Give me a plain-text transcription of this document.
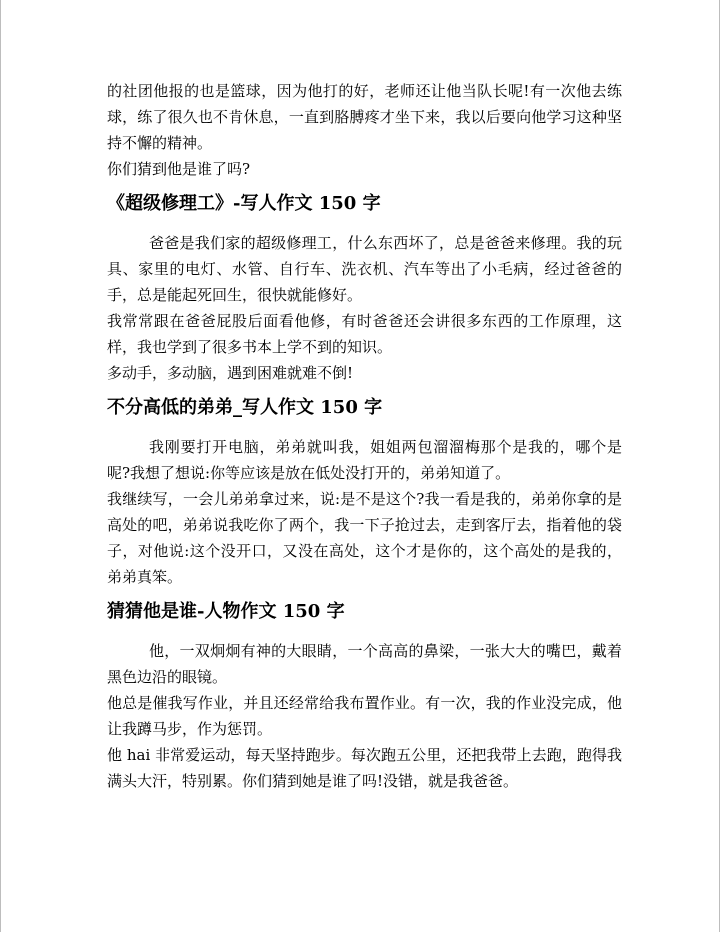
的社团他报的也是篮球，因为他打的好，老师还让他当队长呢!有一次他去练球，练了很久也不肯休息，一直到胳膊疼才坐下来，我以后要向他学习这种坚持不懈的精神。

你们猜到他是谁了吗?

《超级修理工》-写人作文 150 字

爸爸是我们家的超级修理工，什么东西坏了，总是爸爸来修理。我的玩具、家里的电灯、水管、自行车、洗衣机、汽车等出了小毛病，经过爸爸的手，总是能起死回生，很快就能修好。

我常常跟在爸爸屁股后面看他修，有时爸爸还会讲很多东西的工作原理，这样，我也学到了很多书本上学不到的知识。

多动手，多动脑，遇到困难就难不倒!

不分高低的弟弟_写人作文 150 字

我刚要打开电脑，弟弟就叫我，姐姐两包溜溜梅那个是我的，哪个是呢?我想了想说:你等应该是放在低处没打开的，弟弟知道了。

我继续写，一会儿弟弟拿过来，说:是不是这个?我一看是我的，弟弟你拿的是高处的吧，弟弟说我吃你了两个，我一下子抢过去，走到客厅去，指着他的袋子，对他说:这个没开口，又没在高处，这个才是你的，这个高处的是我的，弟弟真笨。

猜猜他是谁-人物作文 150 字

他，一双炯炯有神的大眼睛，一个高高的鼻梁，一张大大的嘴巴，戴着黑色边沿的眼镜。

他总是催我写作业，并且还经常给我布置作业。有一次，我的作业没完成，他让我蹲马步，作为惩罚。

他 hai 非常爱运动，每天坚持跑步。每次跑五公里，还把我带上去跑，跑得我满头大汗，特别累。你们猜到她是谁了吗!没错，就是我爸爸。
